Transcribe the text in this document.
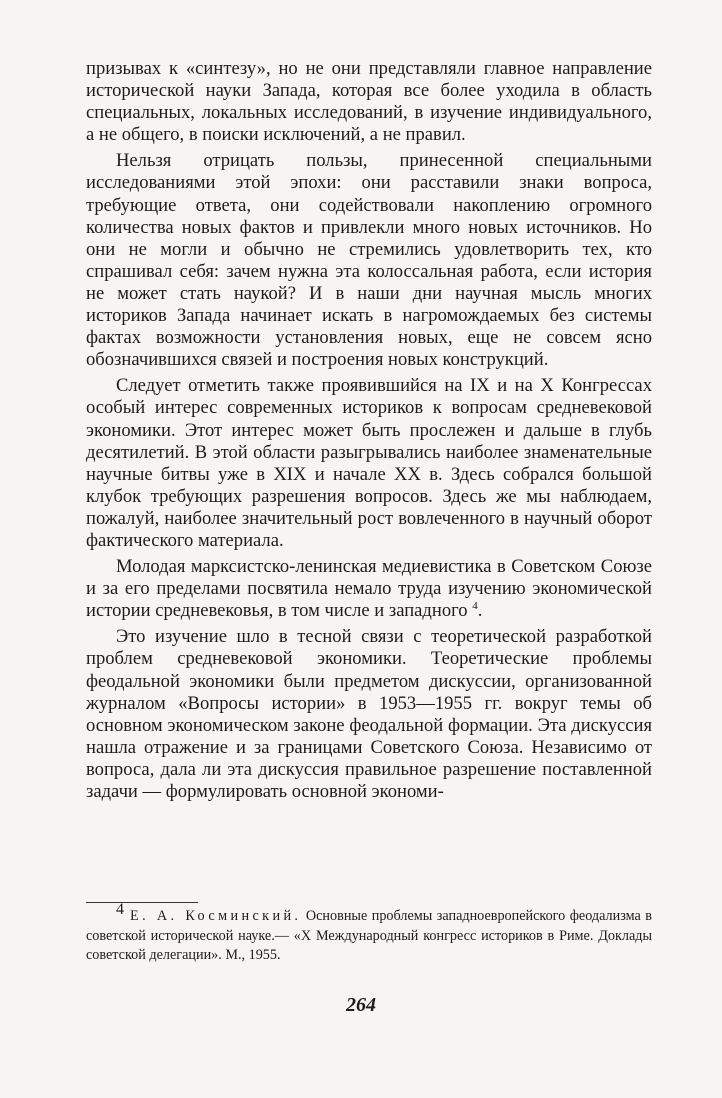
призывах к «синтезу», но не они представляли главное направление исторической науки Запада, которая все более уходила в область специальных, локальных исследований, в изучение индивидуального, а не общего, в поиски исключений, а не правил.

Нельзя отрицать пользы, принесенной специальными исследованиями этой эпохи: они расставили знаки вопроса, требующие ответа, они содействовали накоплению огромного количества новых фактов и привлекли много новых источников. Но они не могли и обычно не стремились удовлетворить тех, кто спрашивал себя: зачем нужна эта колоссальная работа, если история не может стать наукой? И в наши дни научная мысль многих историков Запада начинает искать в нагромождаемых без системы фактах возможности установления новых, еще не совсем ясно обозначившихся связей и построения новых конструкций.

Следует отметить также проявившийся на IX и на X Конгрессах особый интерес современных историков к вопросам средневековой экономики. Этот интерес может быть прослежен и дальше в глубь десятилетий. В этой области разыгрывались наиболее знаменательные научные битвы уже в XIX и начале XX в. Здесь собрался большой клубок требующих разрешения вопросов. Здесь же мы наблюдаем, пожалуй, наиболее значительный рост вовлеченного в научный оборот фактического материала.

Молодая марксистско-ленинская медиевистика в Советском Союзе и за его пределами посвятила немало труда изучению экономической истории средневековья, в том числе и западного $^4$.

Это изучение шло в тесной связи с теоретической разработкой проблем средневековой экономики. Теоретические проблемы феодальной экономики были предметом дискуссии, организованной журналом «Вопросы истории» в 1953—1955 гг. вокруг темы об основном экономическом законе феодальной формации. Эта дискуссия нашла отражение и за границами Советского Союза. Независимо от вопроса, дала ли эта дискуссия правильное разрешение поставленной задачи — формулировать основной экономи-

$^4$ Е. А. Косминский. Основные проблемы западноевропейского феодализма в советской исторической науке.— «X Международный конгресс историков в Риме. Доклады советской делегации». М., 1955.
264
